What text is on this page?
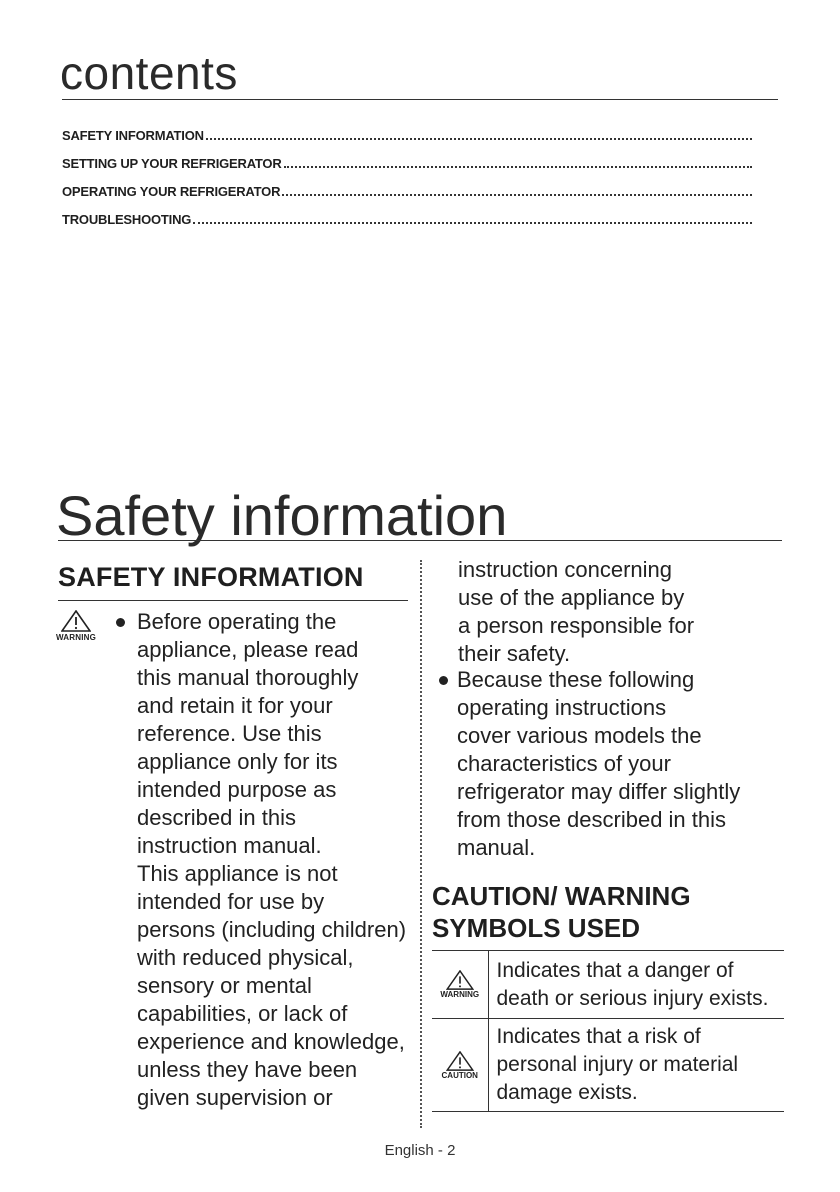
contents
SAFETY INFORMATION
SETTING UP YOUR REFRIGERATOR
OPERATING YOUR REFRIGERATOR
TROUBLESHOOTING
Safety information
SAFETY INFORMATION
WARNING
Before operating the
appliance, please read
this manual thoroughly
and retain it for your
reference. Use this
appliance only for its
intended purpose as
described in this
instruction manual.
This appliance is not
intended for use by
persons (including children)
with reduced physical,
sensory or mental
capabilities, or lack of
experience and knowledge,
unless they have been
given supervision or
instruction concerning
use of the appliance by
a person responsible for
their safety.
Because these following
operating instructions
cover various models the
characteristics of your
refrigerator may differ slightly
from those described in this
manual.
CAUTION/ WARNING
SYMBOLS USED
WARNING	Indicates that a danger of death or serious injury exists.

CAUTION	Indicates that a risk of personal injury or material damage exists.
English - 2
